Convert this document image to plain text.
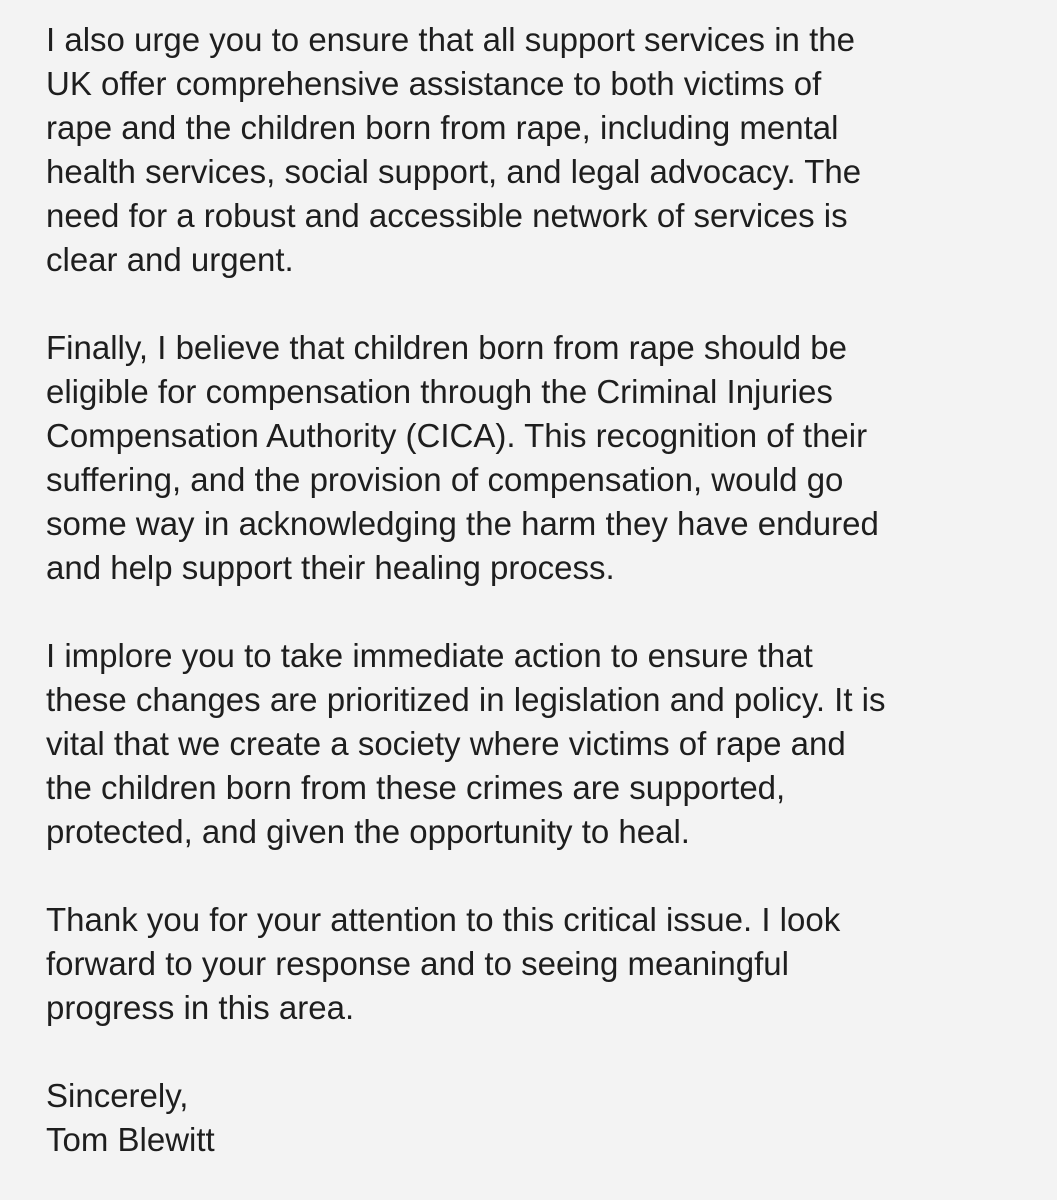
I also urge you to ensure that all support services in the
UK offer comprehensive assistance to both victims of
rape and the children born from rape, including mental
health services, social support, and legal advocacy. The
need for a robust and accessible network of services is
clear and urgent.
Finally, I believe that children born from rape should be
eligible for compensation through the Criminal Injuries
Compensation Authority (CICA). This recognition of their
suffering, and the provision of compensation, would go
some way in acknowledging the harm they have endured
and help support their healing process.
I implore you to take immediate action to ensure that
these changes are prioritized in legislation and policy. It is
vital that we create a society where victims of rape and
the children born from these crimes are supported,
protected, and given the opportunity to heal.
Thank you for your attention to this critical issue. I look
forward to your response and to seeing meaningful
progress in this area.
Sincerely,
Tom Blewitt
